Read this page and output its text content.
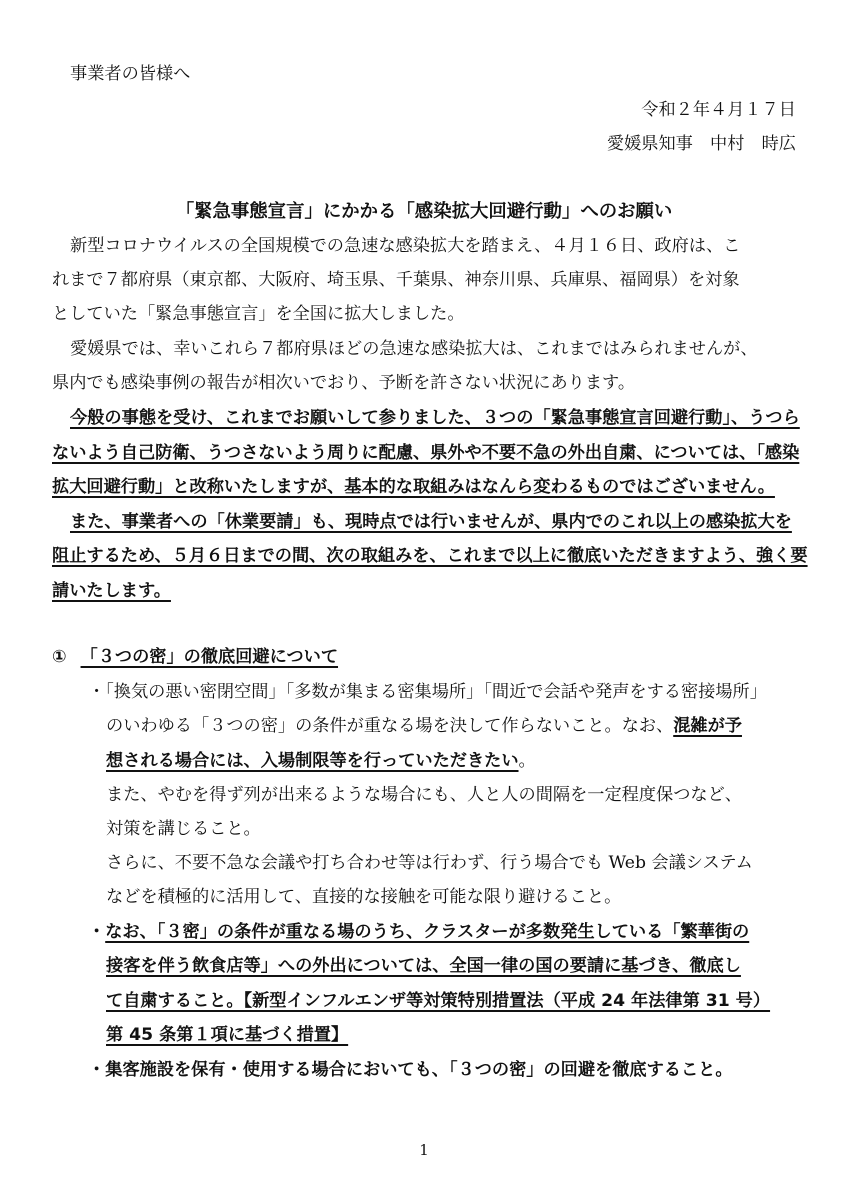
事業者の皆様へ
令和２年４月１７日
愛媛県知事　中村　時広
「緊急事態宣言」にかかる「感染拡大回避行動」へのお願い
新型コロナウイルスの全国規模での急速な感染拡大を踏まえ、４月１６日、政府は、こ
れまで７都府県（東京都、大阪府、埼玉県、千葉県、神奈川県、兵庫県、福岡県）を対象
としていた「緊急事態宣言」を全国に拡大しました。
愛媛県では、幸いこれら７都府県ほどの急速な感染拡大は、これまではみられませんが、
県内でも感染事例の報告が相次いでおり、予断を許さない状況にあります。
今般の事態を受け、これまでお願いして参りました、３つの「緊急事態宣言回避行動」、うつら
ないよう自己防衛、うつさないよう周りに配慮、県外や不要不急の外出自粛、については、「感染
拡大回避行動」と改称いたしますが、基本的な取組みはなんら変わるものではございません。
また、事業者への「休業要請」も、現時点では行いませんが、県内でのこれ以上の感染拡大を
阻止するため、５月６日までの間、次の取組みを、これまで以上に徹底いただきますよう、強く要
請いたします。
① 「３つの密」の徹底回避について
・「換気の悪い密閉空間」「多数が集まる密集場所」「間近で会話や発声をする密接場所」
のいわゆる「３つの密」の条件が重なる場を決して作らないこと。なお、混雑が予
想される場合には、入場制限等を行っていただきたい。
また、やむを得ず列が出来るような場合にも、人と人の間隔を一定程度保つなど、
対策を講じること。
さらに、不要不急な会議や打ち合わせ等は行わず、行う場合でも Web 会議システム
などを積極的に活用して、直接的な接触を可能な限り避けること。
・なお、「３密」の条件が重なる場のうち、クラスターが多数発生している「繁華街の
接客を伴う飲食店等」への外出については、全国一律の国の要請に基づき、徹底し
て自粛すること。【新型インフルエンザ等対策特別措置法（平成 24 年法律第 31 号）
第 45 条第１項に基づく措置】
・集客施設を保有・使用する場合においても、「３つの密」の回避を徹底すること。
1
